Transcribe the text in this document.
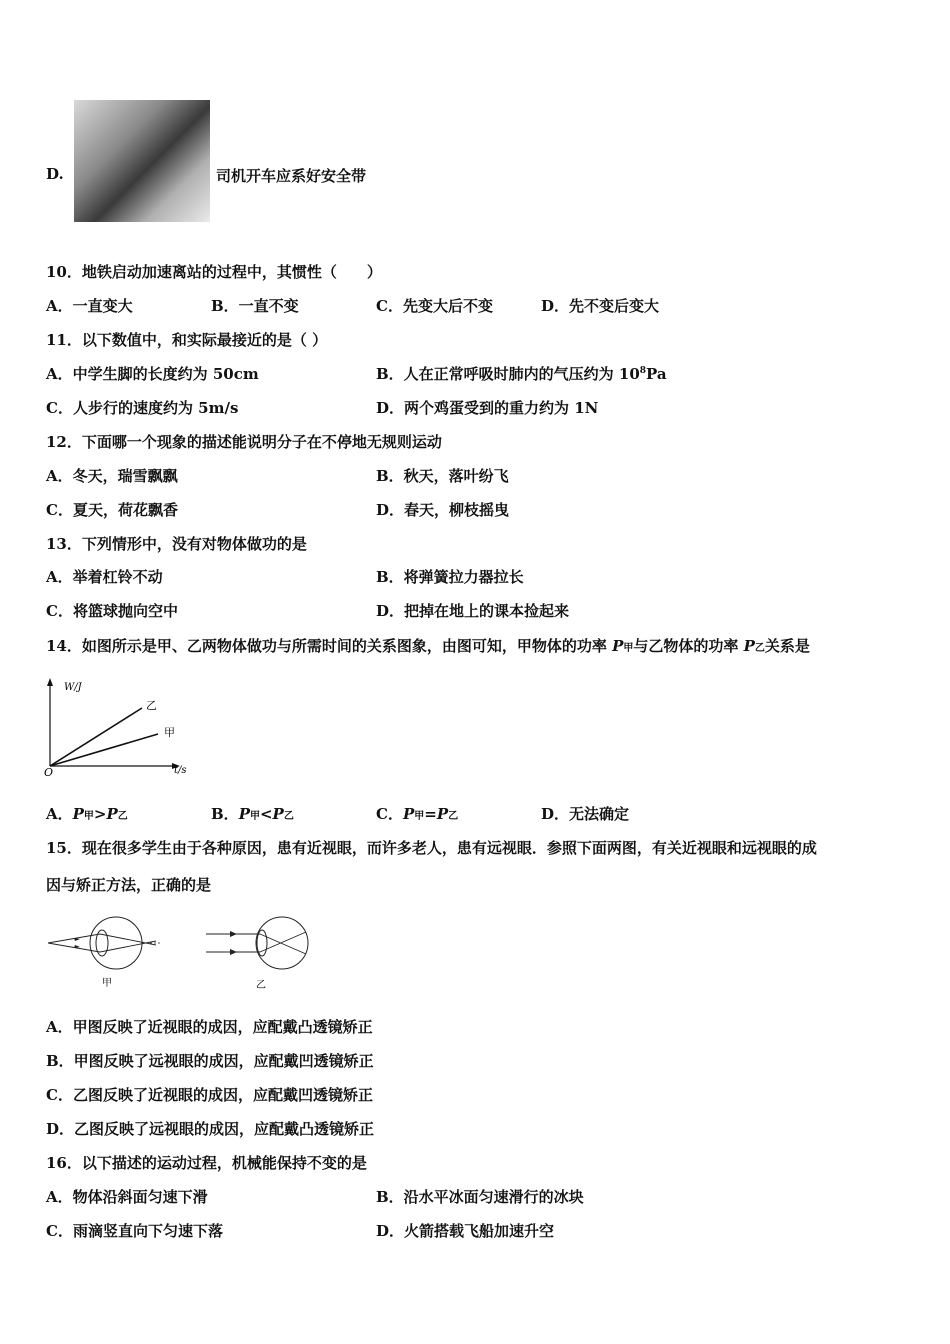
D.	司机开车应系好安全带
10．地铁启动加速离站的过程中，其惯性（　　）
A．一直变大	B．一直不变	C．先变大后不变	D．先不变后变大
11．以下数值中，和实际最接近的是（ ）
A．中学生脚的长度约为 50cm	B．人在正常呼吸时肺内的气压约为 $10^8Pa$
C．人步行的速度约为 5m/s	D．两个鸡蛋受到的重力约为 1N
12．下面哪一个现象的描述能说明分子在不停地无规则运动
A．冬天，瑞雪飘飘	B．秋天，落叶纷飞
C．夏天，荷花飘香	D．春天，柳枝摇曳
13．下列情形中，没有对物体做功的是
A．举着杠铃不动	B．将弹簧拉力器拉长
C．将篮球抛向空中	D．把掉在地上的课本捡起来
14．如图所示是甲、乙两物体做功与所需时间的关系图象，由图可知，甲物体的功率 P甲与乙物体的功率 P乙关系是
W/J
t/s
O
乙
甲
A．P甲>P乙	B．P甲<P乙	C．P甲=P乙	D．无法确定
15．现在很多学生由于各种原因，患有近视眼，而许多老人，患有远视眼．参照下面两图，有关近视眼和远视眼的成
因与矫正方法，正确的是
甲	乙
A．甲图反映了近视眼的成因，应配戴凸透镜矫正
B．甲图反映了远视眼的成因，应配戴凹透镜矫正
C．乙图反映了近视眼的成因，应配戴凹透镜矫正
D．乙图反映了远视眼的成因，应配戴凸透镜矫正
16．以下描述的运动过程，机械能保持不变的是
A．物体沿斜面匀速下滑	B．沿水平冰面匀速滑行的冰块
C．雨滴竖直向下匀速下落	D．火箭搭载飞船加速升空
